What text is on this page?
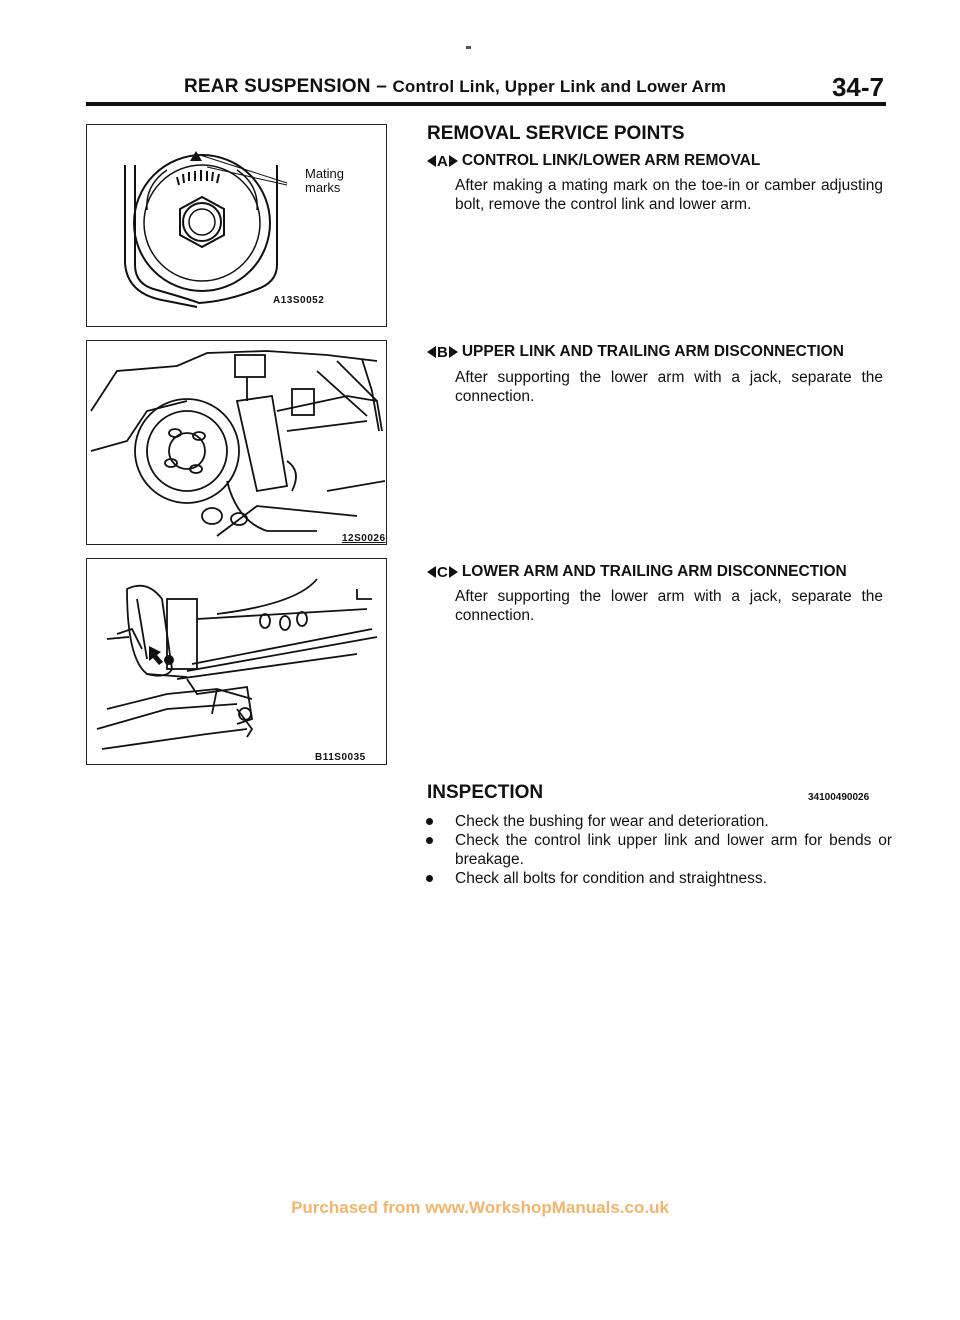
REAR SUSPENSION – Control Link, Upper Link and Lower Arm	34-7
Mating
marks
A13S0052
12S0026
B11S0035
REMOVAL SERVICE POINTS
A CONTROL LINK/LOWER ARM REMOVAL
After making a mating mark on the toe-in or camber adjusting bolt, remove the control link and lower arm.
B UPPER LINK AND TRAILING ARM DISCONNECTION
After supporting the lower arm with a jack, separate the connection.
C LOWER ARM AND TRAILING ARM DISCONNECTION
After supporting the lower arm with a jack, separate the connection.
INSPECTION	34100490026
Check the bushing for wear and deterioration.
Check the control link upper link and lower arm for bends or breakage.
Check all bolts for condition and straightness.
Purchased from www.WorkshopManuals.co.uk
